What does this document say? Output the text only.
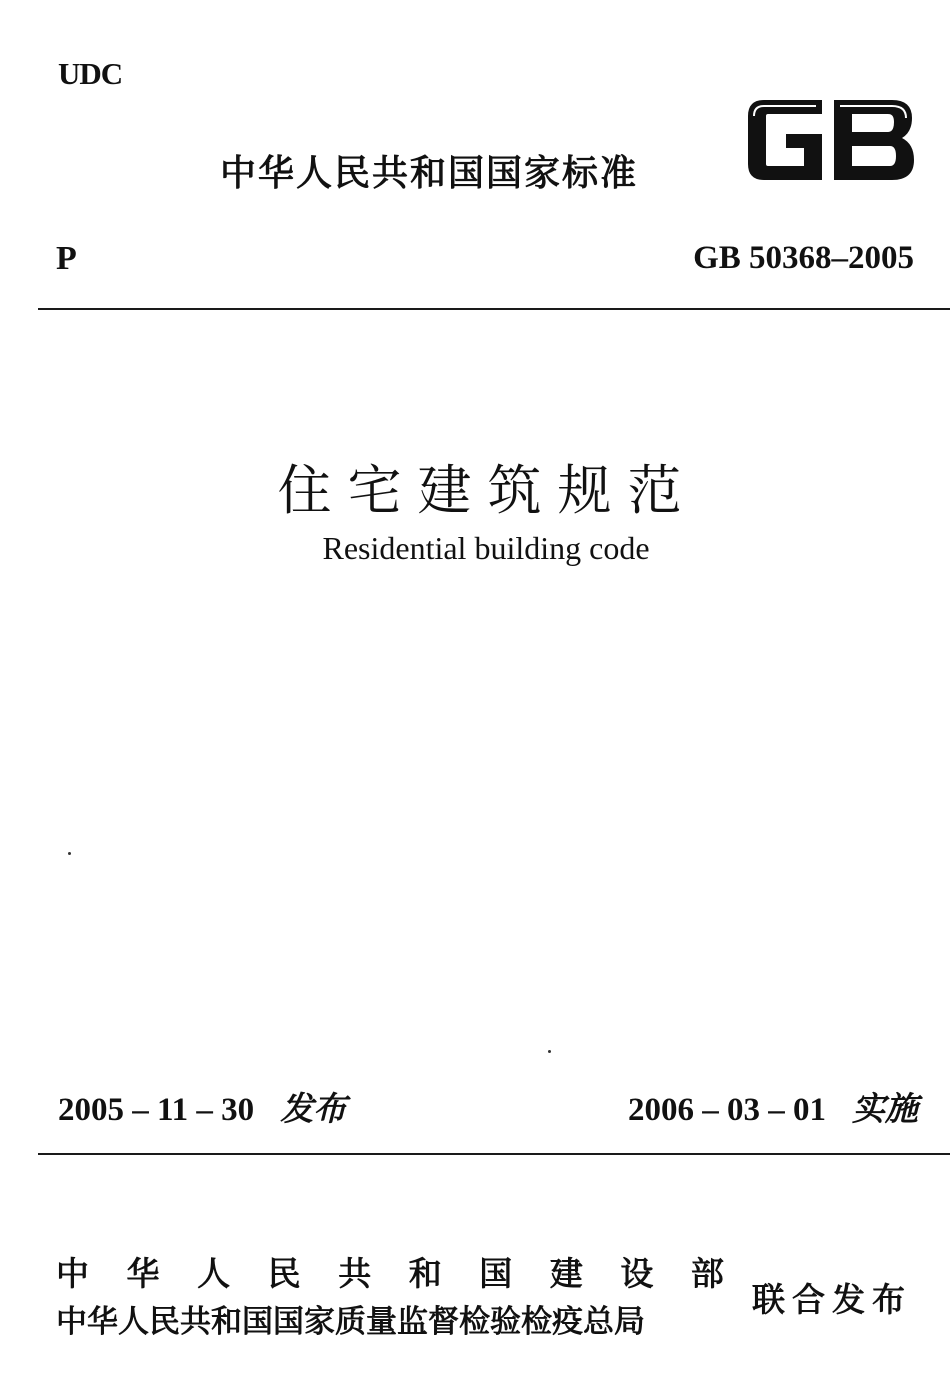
UDC
中华人民共和国国家标准
P	GB 50368–2005
住宅建筑规范
Residential building code
2005 – 11 – 30 发布	2006 – 03 – 01 实施
中 华 人 民 共 和 国 建 设 部
中华人民共和国国家质量监督检验检疫总局
联合发布
